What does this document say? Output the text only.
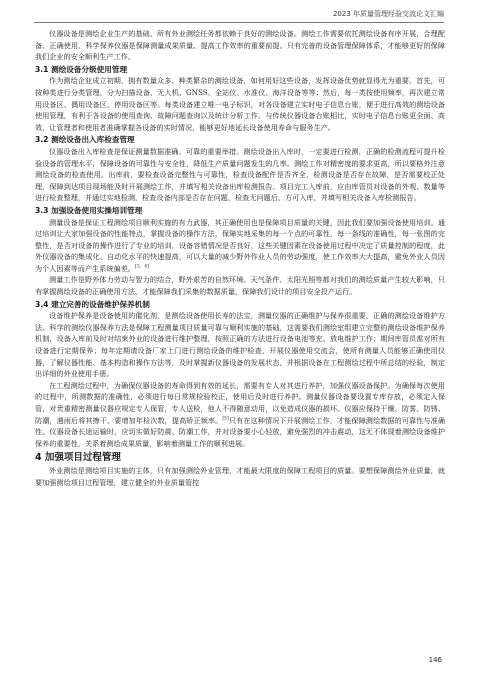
2023 年质量管理经验交流论文汇编

仪器设备是测绘企业生产的基础，所有外业测绘任务都依赖于良好的测绘设备。测绘工作需要依托测绘设备有序开展，合理配备、正确使用、科学保养仪器是保障测量成果质量、提高工作效率的重要前提。只有完善的设备管理保障体系，才能够更好的保障我们企业的安全顺利生产工作。

3.1 测绘设备分级使用管理

作为测绘企业成立初期，拥有数量众多、种类繁杂的测绘设备，如何用好这些设备，发挥设备优势就显得尤为重要。首先，可按种类进行分类管理，分为扫描设备、无人机、GNSS、全站仪、水准仪、海洋设备等等；然后，每一类按使用频率，再次建立常用设备区、偶用设备区、停用设备区等。每类设备建立唯一电子标识，对各设备建立实时电子信息台账，便于进行高效的测绘设备使用管理，有利于各设备的使用查询、故障问题查询以及统计分析工作。与传统仪器设备台账相比，实时电子信息台账更全面、高效，让管理者和使用者准确掌握各设备的实时情况，能够更好地延长设备使用寿命与服务生产。

3.2 测绘设备出入库检查管理

仪器设备出入库检查是保证测量数据准确、可靠的重要举措。测绘设备出入库时，一定要进行检测，正确的检测流程可提升检验设备的管理水平，保障设备的可靠性与安全性，降低生产质量问题发生的几率。测绘工作对精密度的要求更高，所以要格外注意测绘设备的检查使用。出库前，要检查设备完整性与可靠性，检查设备配件是否齐全，检测设备是否存在故障，是否需要校正处理，保障到达项目现场能及时开展测绘工作，并填写相关设备出库检测报告。项目完工入库前，应由库管员对设备的外观、数量等进行检查整理，并通过实地检测，检查设备内部是否存在问题，检查无问题后，方可入库，并填写相关设备入库检测报告。

3.3 加强设备使用实操培训管理

测量设备是保证工程测绘项目顺利实施的有力武器，其正确使用也是保障项目质量的关键，因此我们要加强设备使用培训。通过培训让大家加强设备的性能特点，掌握设备的操作方法，保障实地采集的每一个点的可靠性，每一条线的准确性，每一张图的完整性，是否对设备的操作进行了专业的培训，设备容错情况是否良好，这些关键因素在设备使用过程中决定了质量控制的程度，此外仪器设备的集成化、自动化水平的快速提高，可以大量的减少野外作业人员的劳动强度，使工作效率大大提高，避免外业人员因为个人因素等而产生系统偏差。[3，4]

测量工作是野外体力劳动与智力的结合，野外艰苦的自然环境、天气条件、太阳光照等都对我们的测绘质量产生较大影响，只有掌握测绘设备的正确使用方法，才能保障我们采集的数据质量，保障我们设计的项目安全投产运行。

3.4 建立完善的设备维护保养机制

设备维护保养是设备使用的催化剂，是测绘设备使用长寿的法宝，测量仪器的正确维护与保养很重要，正确的测绘设备维护方法、科学的测绘仪器保养方法是保障工程测量项目质量可靠与顺利实施的基础，这需要我们测绘室组建立完整的测绘设备维护保养机制，设备入库前及时对结束外业的设备进行维护整理，按照正确的方法进行设备电池等充、放电维护工作；期间库管员需对所有设备进行定期保养；每年定期请设备厂家上门进行测绘设备的维护检查，开展仪器使用交流会，使所有测量人员能够正确使用仪器，了解仪器性能、基本构造和操作方法等，及时掌握新仪器设备的发展状态，并根据设备在工程测绘过程中所总结的经验，制定出详细的外业使用手册。

在工程测绘过程中，为确保仪器设备的寿命得到有效的延长，需要有专人对其进行养护，加强仪器设备保护。为确保每次使用的过程中，所测数据的准确性，必须进行每日常规检验校正，使用后及时进行养护。测量仪器设备要设置专库存放，必须定人保管，对贵重精密测量仪器应规定专人保管，专人送检，他人不得随意动用，以免造成仪器的损坏。仪器应保持干燥、防雾、防锈、防潮，遇雨后将其擦干。要增加年检次数，提高矫正频率。[5]只有在这种情况下开展测绘工作，才能保障测绘数据的可靠性与准确性。仪器设备长途运输时，应切实做好防震、防潮工作，并对设备要小心轻放，避免强烈的冲击震动，这无不体现着测绘设备维护保养的重要性，关系着测绘成果质量，影响着测量工作的顺利进展。

4 加强项目过程管理

外业测绘是测绘项目实施的主体，只有加强测绘外业管理，才能最大限度的保障工程项目的质量。要想保障测绘外业质量，就要加强测绘项目过程管理，建立健全的外业质量管控

146
